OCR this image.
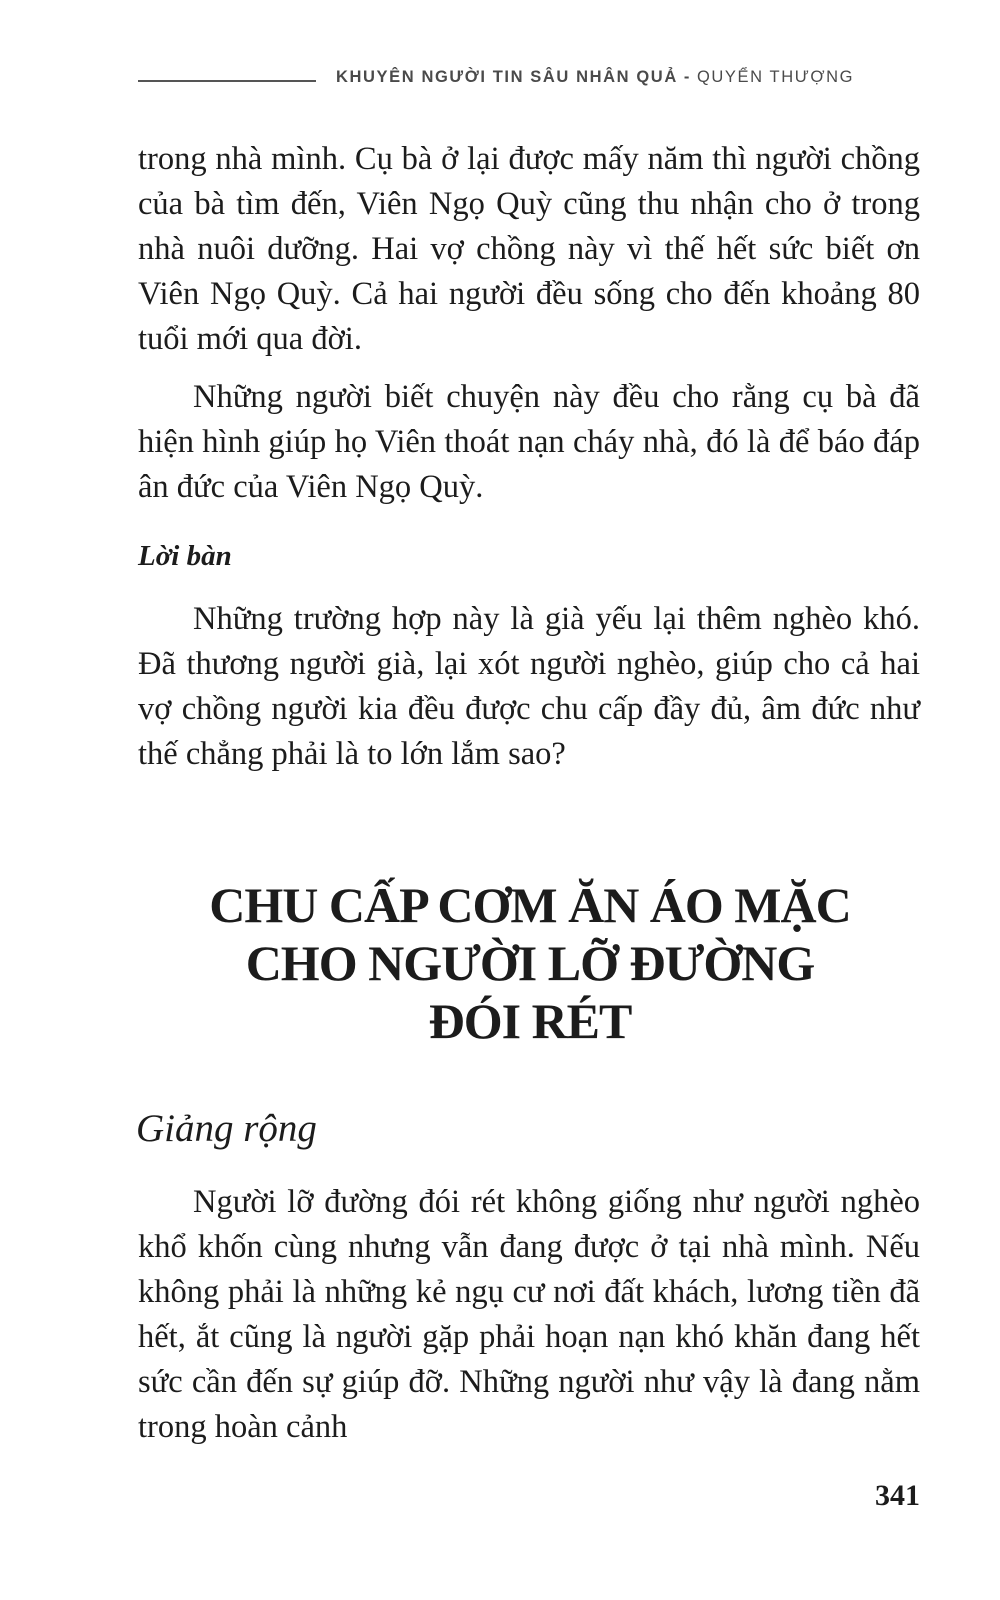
KHUYÊN NGƯỜI TIN SÂU NHÂN QUẢ - QUYỂN THƯỢNG

trong nhà mình. Cụ bà ở lại được mấy năm thì người chồng của bà tìm đến, Viên Ngọ Quỳ cũng thu nhận cho ở trong nhà nuôi dưỡng. Hai vợ chồng này vì thế hết sức biết ơn Viên Ngọ Quỳ. Cả hai người đều sống cho đến khoảng 80 tuổi mới qua đời.

Những người biết chuyện này đều cho rằng cụ bà đã hiện hình giúp họ Viên thoát nạn cháy nhà, đó là để báo đáp ân đức của Viên Ngọ Quỳ.

Lời bàn

Những trường hợp này là già yếu lại thêm nghèo khó. Đã thương người già, lại xót người nghèo, giúp cho cả hai vợ chồng người kia đều được chu cấp đầy đủ, âm đức như thế chẳng phải là to lớn lắm sao?

CHU CẤP CƠM ĂN ÁO MẶC
CHO NGƯỜI LỠ ĐƯỜNG
ĐÓI RÉT
Giảng rộng

Người lỡ đường đói rét không giống như người nghèo khổ khốn cùng nhưng vẫn đang được ở tại nhà mình. Nếu không phải là những kẻ ngụ cư nơi đất khách, lương tiền đã hết, ắt cũng là người gặp phải hoạn nạn khó khăn đang hết sức cần đến sự giúp đỡ. Những người như vậy là đang nằm trong hoàn cảnh

341
